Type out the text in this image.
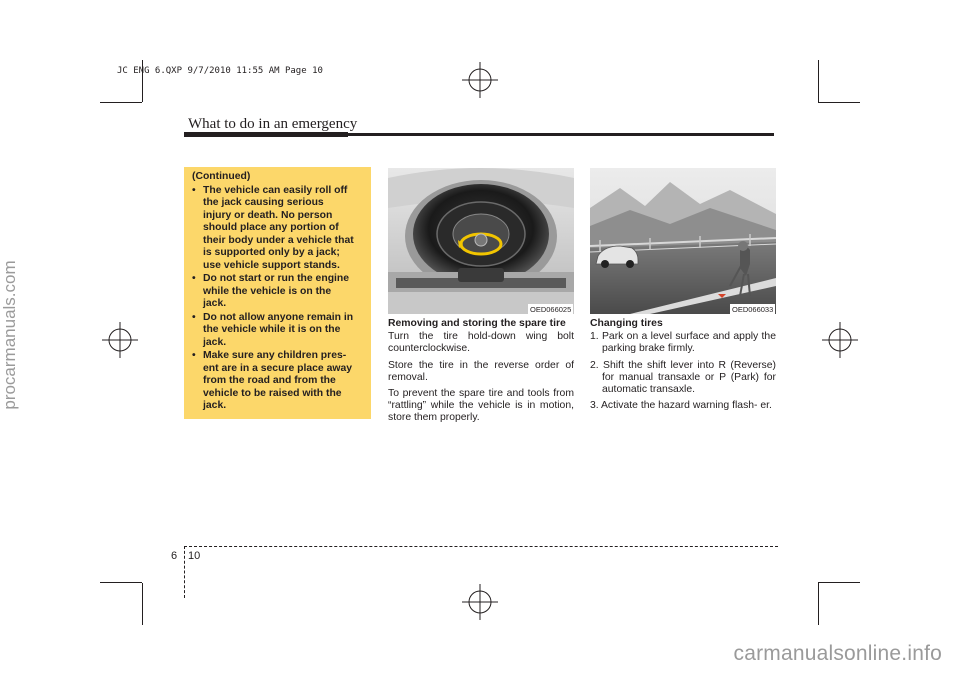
JC ENG 6.QXP 9/7/2010 11:55 AM Page 10
procarmanuals.com
carmanualsonline.info
What to do in an emergency
(Continued)
• The vehicle can easily roll off
the jack causing serious
injury or death. No person
should place any portion of
their body under a vehicle that
is supported only by a jack;
use vehicle support stands.
• Do not start or run the engine
while the vehicle is on the
jack.
• Do not allow anyone remain in
the vehicle while it is on the
jack.
• Make sure any children pres-
ent are in a secure place away
from the road and from the
vehicle to be raised with the
jack.
OED066025	OED066033

Removing and storing the spare tire

Turn the tire hold-down wing bolt counterclockwise.

Store the tire in the reverse order of removal.

To prevent the spare tire and tools from “rattling” while the vehicle is in motion, store them properly.

Changing tires

1. Park on a level surface and apply the parking brake firmly.
2. Shift the shift lever into R (Reverse) for manual transaxle or P (Park) for automatic transaxle.
3. Activate the hazard warning flash- er.
6 10
